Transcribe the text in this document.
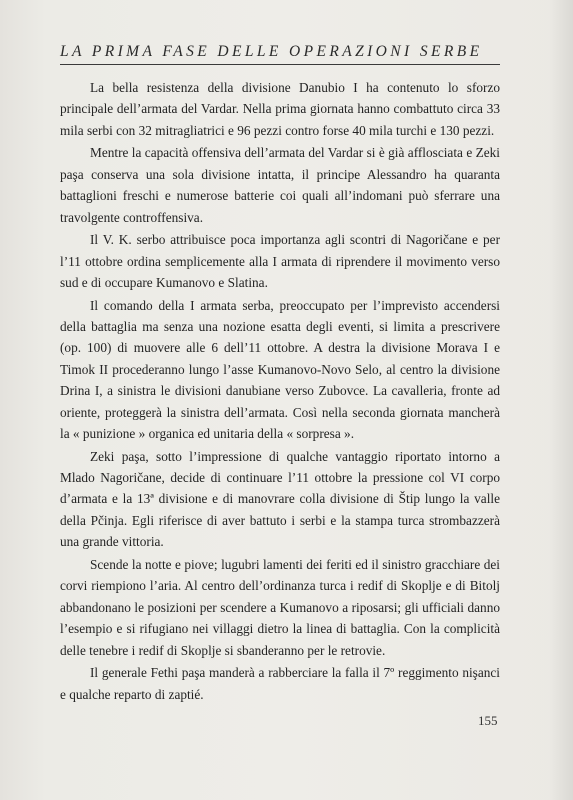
LA PRIMA FASE DELLE OPERAZIONI SERBE

La bella resistenza della divisione Danubio I ha contenuto lo sforzo principale dell’armata del Vardar. Nella prima giornata hanno combattuto circa 33 mila serbi con 32 mitragliatrici e 96 pezzi contro forse 40 mila turchi e 130 pezzi.

Mentre la capacità offensiva dell’armata del Vardar si è già afflosciata e Zeki paşa conserva una sola divisione intatta, il principe Alessandro ha quaranta battaglioni freschi e numerose batterie coi quali all’indomani può sferrare una travolgente controffensiva.

Il V. K. serbo attribuisce poca importanza agli scontri di Nagoričane e per l’11 ottobre ordina semplicemente alla I armata di riprendere il movimento verso sud e di occupare Kumanovo e Slatina.

Il comando della I armata serba, preoccupato per l’imprevisto accendersi della battaglia ma senza una nozione esatta degli eventi, si limita a prescrivere (op. 100) di muovere alle 6 dell’11 ottobre. A destra la divisione Morava I e Timok II procederanno lungo l’asse Kumanovo-Novo Selo, al centro la divisione Drina I, a sinistra le divisioni danubiane verso Zubovce. La cavalleria, fronte ad oriente, proteggerà la sinistra dell’armata. Così nella seconda giornata mancherà la « punizione » organica ed unitaria della « sorpresa ».

Zeki paşa, sotto l’impressione di qualche vantaggio riportato intorno a Mlado Nagoričane, decide di continuare l’11 ottobre la pressione col VI corpo d’armata e la 13ª divisione e di manovrare colla divisione di Štip lungo la valle della Pčinja. Egli riferisce di aver battuto i serbi e la stampa turca strombazzerà una grande vittoria.

Scende la notte e piove; lugubri lamenti dei feriti ed il sinistro gracchiare dei corvi riempiono l’aria. Al centro dell’ordinanza turca i redif di Skoplje e di Bitolj abbandonano le posizioni per scendere a Kumanovo a riposarsi; gli ufficiali danno l’esempio e si rifugiano nei villaggi dietro la linea di battaglia. Con la complicità delle tenebre i redif di Skoplje si sbanderanno per le retrovie.

Il generale Fethi paşa manderà a rabberciare la falla il 7º reggimento nişanci e qualche reparto di zaptié.

155
